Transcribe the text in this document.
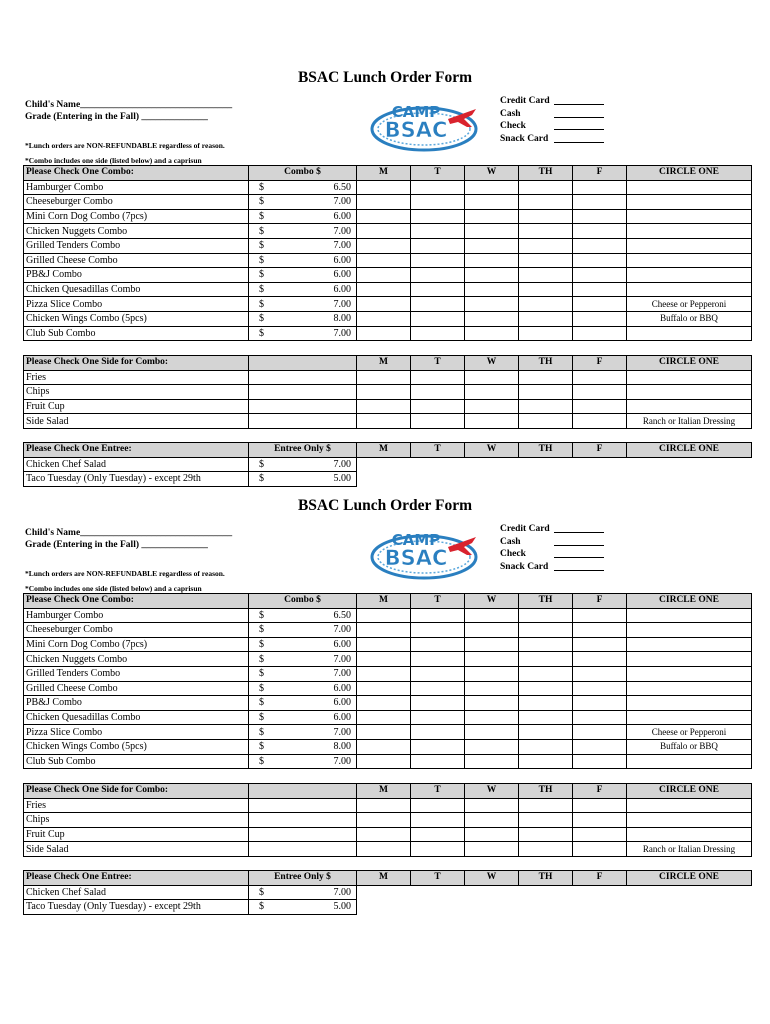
BSAC Lunch Order Form
Child's Name________________________________
Grade (Entering in the Fall) ______________
*Lunch orders are NON-REFUNDABLE regardless of reason.
*Combo includes one side (listed below) and a caprisun
CAMP
BSAC
Credit Card
Cash
Check
Snack Card
Please Check One Combo:	Combo $	M	T	W	TH	F	CIRCLE ONE
Hamburger Combo	$ 6.50						

Cheeseburger Combo	$ 7.00						

Mini Corn Dog Combo (7pcs)	$ 6.00						

Chicken Nuggets Combo	$ 7.00						

Grilled Tenders Combo	$ 7.00						

Grilled Cheese Combo	$ 6.00						

PB&J Combo	$ 6.00						

Chicken Quesadillas Combo	$ 6.00						

Pizza Slice Combo	$ 7.00						Cheese or Pepperoni
Chicken Wings Combo (5pcs)	$ 8.00						Buffalo or BBQ
Club Sub Combo	$ 7.00						

Please Check One Side for Combo:		M	T	W	TH	F	CIRCLE ONE
Fries							
Chips							
Fruit Cup							
Side Salad							Ranch or Italian Dressing
Please Check One Entree:	Entree Only $	M	T	W	TH	F	CIRCLE ONE
Chicken Chef Salad	$ 7.00						

Taco Tuesday (Only Tuesday) - except 29th	$ 5.00						

BSAC Lunch Order Form
Child's Name________________________________
Grade (Entering in the Fall) ______________
*Lunch orders are NON-REFUNDABLE regardless of reason.
*Combo includes one side (listed below) and a caprisun
CAMP
BSAC
Credit Card
Cash
Check
Snack Card
Please Check One Combo:	Combo $	M	T	W	TH	F	CIRCLE ONE
Hamburger Combo	$ 6.50						

Cheeseburger Combo	$ 7.00						

Mini Corn Dog Combo (7pcs)	$ 6.00						

Chicken Nuggets Combo	$ 7.00						

Grilled Tenders Combo	$ 7.00						

Grilled Cheese Combo	$ 6.00						

PB&J Combo	$ 6.00						

Chicken Quesadillas Combo	$ 6.00						

Pizza Slice Combo	$ 7.00						Cheese or Pepperoni
Chicken Wings Combo (5pcs)	$ 8.00						Buffalo or BBQ
Club Sub Combo	$ 7.00						

Please Check One Side for Combo:		M	T	W	TH	F	CIRCLE ONE
Fries							
Chips							
Fruit Cup							
Side Salad							Ranch or Italian Dressing
Please Check One Entree:	Entree Only $	M	T	W	TH	F	CIRCLE ONE
Chicken Chef Salad	$ 7.00						

Taco Tuesday (Only Tuesday) - except 29th	$ 5.00						
